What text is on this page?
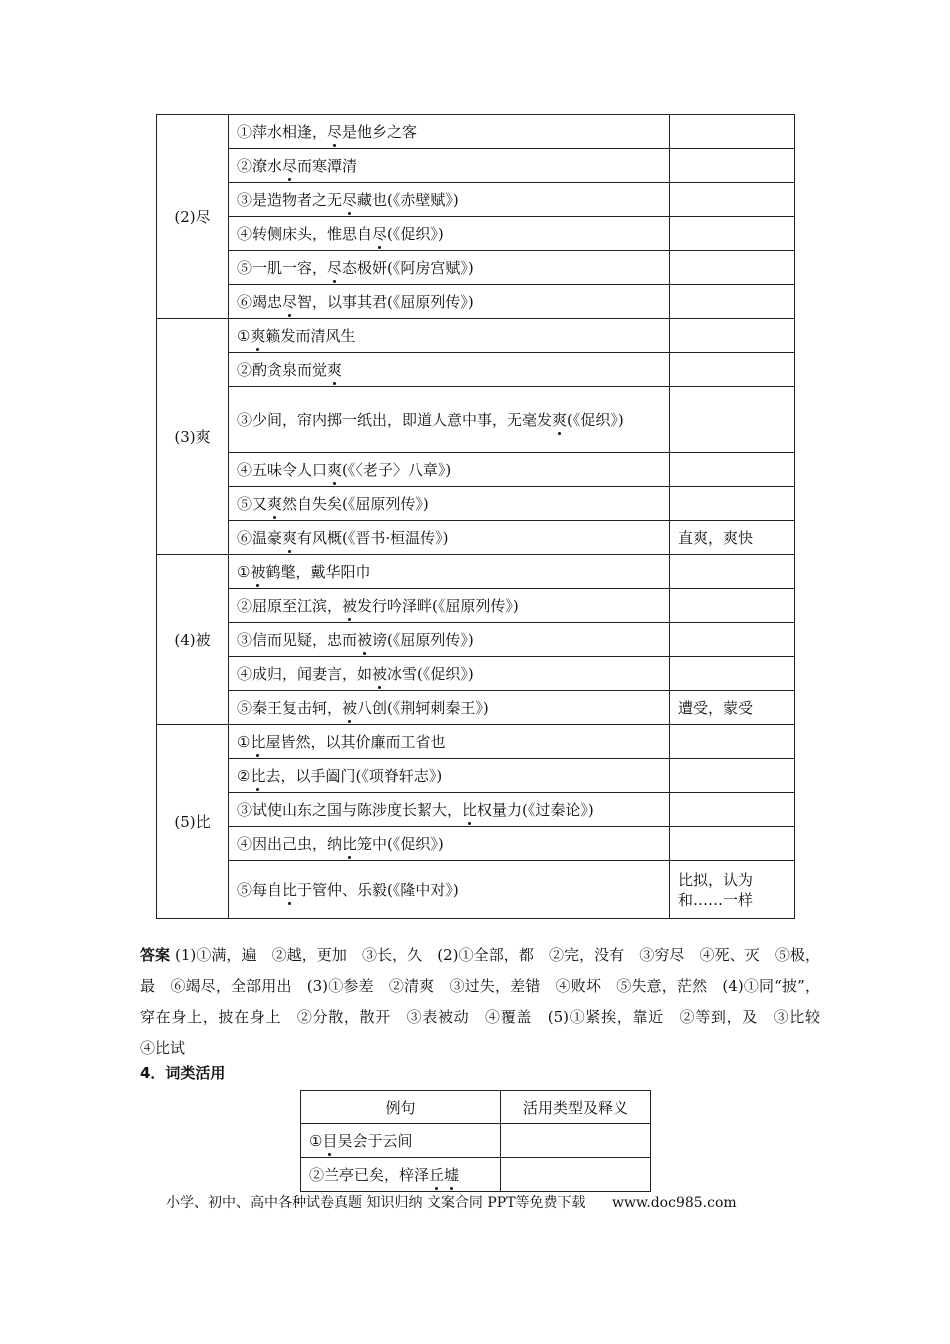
(2)尽	①萍水相逢，尽是他乡之客	
	②潦水尽而寒潭清	
	③是造物者之无尽藏也(《赤壁赋》)	
	④转侧床头，惟思自尽(《促织》)	
	⑤一肌一容，尽态极妍(《阿房宫赋》)	
	⑥竭忠尽智，以事其君(《屈原列传》)	
(3)爽	①爽籁发而清风生	
	②酌贪泉而觉爽	
	③少间，帘内掷一纸出，即道人意中事，无毫发爽(《促织》)	
	④五味令人口爽(《〈老子〉八章》)	
	⑤又爽然自失矣(《屈原列传》)	
	⑥温豪爽有风概(《晋书·桓温传》)	直爽，爽快
(4)被	①被鹤氅，戴华阳巾	
	②屈原至江滨，被发行吟泽畔(《屈原列传》)	
	③信而见疑，忠而被谤(《屈原列传》)	
	④成归，闻妻言，如被冰雪(《促织》)	
	⑤秦王复击轲，被八创(《荆轲刺秦王》)	遭受，蒙受
(5)比	①比屋皆然，以其价廉而工省也	
	②比去，以手阖门(《项脊轩志》)	
	③试使山东之国与陈涉度长絜大，比权量力(《过秦论》)	
	④因出己虫，纳比笼中(《促织》)	
	⑤每自比于管仲、乐毅(《隆中对》)	比拟，认为和……一样
答案 (1)①满，遍　②越，更加　③长，久　(2)①全部，都　②完，没有　③穷尽　④死、灭　⑤极，最　⑥竭尽，全部用出　(3)①参差　②清爽　③过失，差错　④败坏　⑤失意，茫然　(4)①同“披”，穿在身上，披在身上　②分散，散开　③表被动　④覆盖　(5)①紧挨，靠近　②等到，及　③比较　④比试
4．词类活用
例句	活用类型及释义
①目吴会于云间	
②兰亭已矣，梓泽丘墟	
小学、初中、高中各种试卷真题 知识归纳 文案合同 PPT等免费下载 www.doc985.com
